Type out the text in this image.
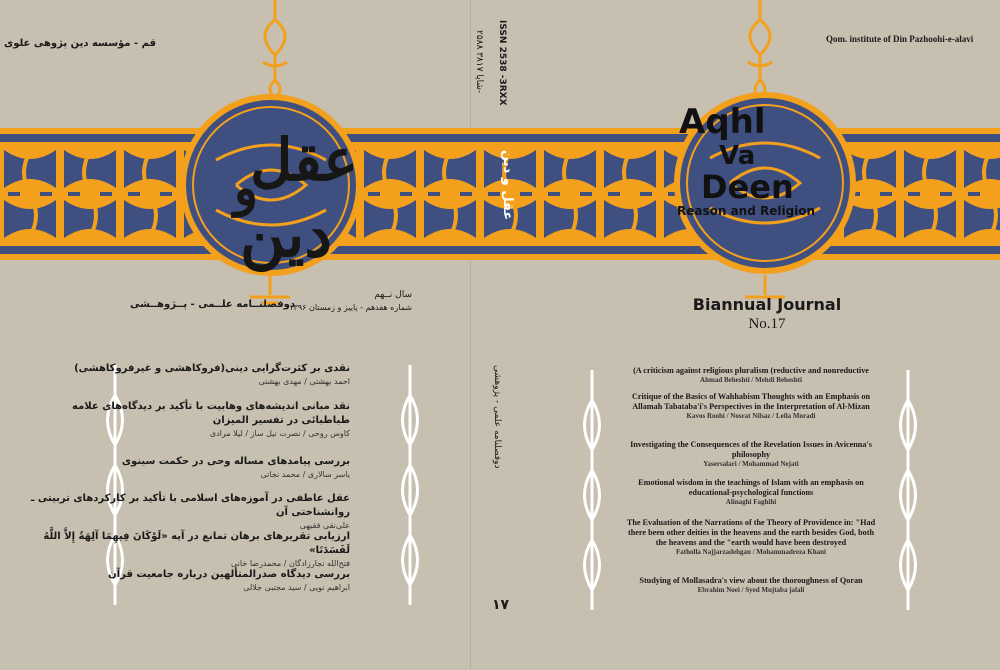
Qom. institute of Din Pazhoohi-e-alavi
قم - مؤسسه دین پژوهی علوی
عقل
و
دین
Aqhl
Va
Deen
Reason and Religion
ISSN 2538 -3RXX
شاپا ۳۸۱۷ ۲۵۸۸-
عقل و دین
دوفصلنامه علمی - پژوهشی
۱۷
دوفصلنــامه علــمی - پــژوهــشی
سال نــهم
شماره هفدهم - پاییز و زمستان ۱۳۹۶	Biannual Journal
No.17
نقدی بر کثرت‌گرایی دینی(فروکاهشی و غیرفروکاهشی)
احمد بهشتی / مهدی بهشتی
نقد مبانی اندیشه‌های وهابیت با تأکید بر دیدگاه‌های علامه طباطبائی در تفسیر المیزان
کاوس روحی / نصرت نیل ساز / لیلا مرادی
بررسی پیامدهای مساله وحی در حکمت سینوی
یاسر سالاری / محمد نجاتی
عقل عاطفی در آموزه‌های اسلامی با تأکید بر کارکردهای تربیتی ـ روانشناختی آن
علی‌نقی فقیهی
ارزیابی تقریرهای برهان تمانع در آیه «لَوْكَانَ فِيهِمَا آلِهَةٌ إِلاَّ اللَّهُ لَفَسَدَتَا»
فتح‌الله نجارزادگان / محمدرضا خانی
بررسی دیدگاه صدرالمتألهین درباره جامعیت قرآن
ابراهیم نویی / سید مجتبی جلالی
(A criticism against religious pluralism (reductive and nonreductive
Ahmad Beheshti / Mehdi Beheshti
Critique of the Basics of Wahhabism Thoughts with an Emphasis on Allamah Tabataba'i's Perspectives in the Interpretation of Al-Mizan
Kavos Roohi / Nosrat Nilsaz / Leila Moradi
Investigating the Consequences of the Revelation Issues in Avicenna's philosophy
Yasersalari / Mohammad Nejati
Emotional wisdom in the teachings of Islam with an emphasis on educational-psychological functions
Alinaghi Faghihi
The Evaluation of the Narrations of the Theory of Providence in: "Had there been other deities in the heavens and the earth besides God, both the heavens and the "earth would have been destroyed
Fatholla Najjarzadehgan / Mohammadreza Khani
Studying of Mollasadra's view about the thoroughness of Qoran
Ebrahim Noei / Syed Mujtaba jalali
